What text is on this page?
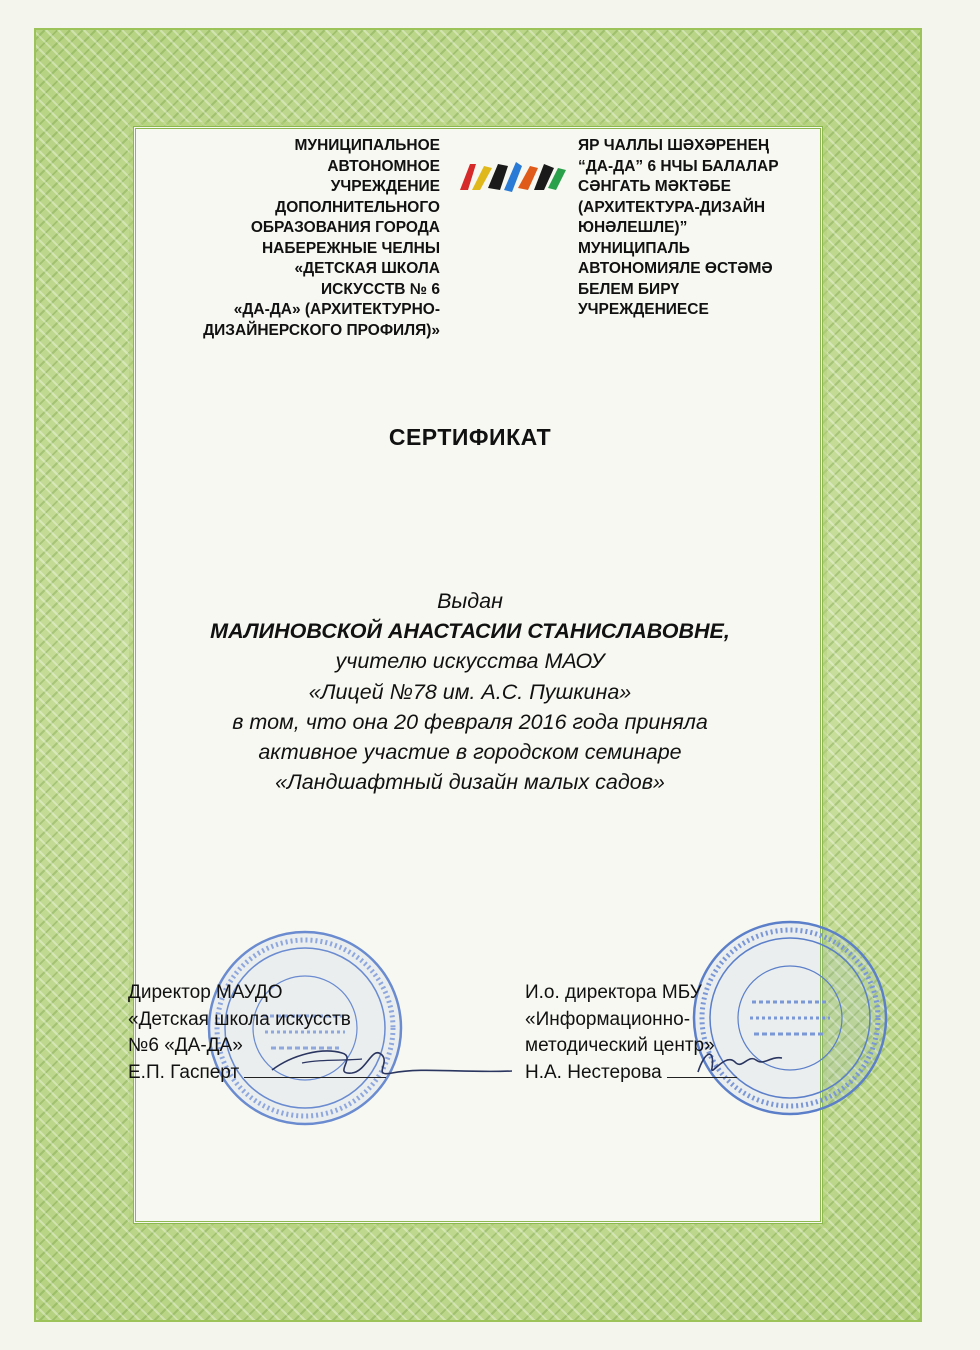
МУНИЦИПАЛЬНОЕ
АВТОНОМНОЕ
УЧРЕЖДЕНИЕ
ДОПОЛНИТЕЛЬНОГО
ОБРАЗОВАНИЯ ГОРОДА
НАБЕРЕЖНЫЕ ЧЕЛНЫ
«ДЕТСКАЯ ШКОЛА
ИСКУССТВ № 6
«ДА-ДА» (АРХИТЕКТУРНО-
ДИЗАЙНЕРСКОГО ПРОФИЛЯ)»
ЯР ЧАЛЛЫ ШӘХӘРЕНЕҢ
“ДА-ДА” 6 НЧЫ БАЛАЛАР
СӘНГАТЬ МӘКТӘБЕ
(АРХИТЕКТУРА-ДИЗАЙН
ЮНӘЛЕШЛЕ)”
МУНИЦИПАЛЬ
АВТОНОМИЯЛЕ ӨСТӘМӘ
БЕЛЕМ БИРҮ
УЧРЕЖДЕНИЕСЕ
СЕРТИФИКАТ
Выдан
МАЛИНОВСКОЙ АНАСТАСИИ СТАНИСЛАВОВНЕ,
учителю искусства МАОУ
«Лицей №78 им. А.С. Пушкина»
в том, что она 20 февраля 2016 года приняла
активное участие в городском семинаре
«Ландшафтный дизайн малых садов»
Директор МАУДО
«Детская школа искусств
№6 «ДА-ДА»
Е.П. Гасперт
И.о. директора МБУ
«Информационно-
методический центр»
Н.А. Нестерова
